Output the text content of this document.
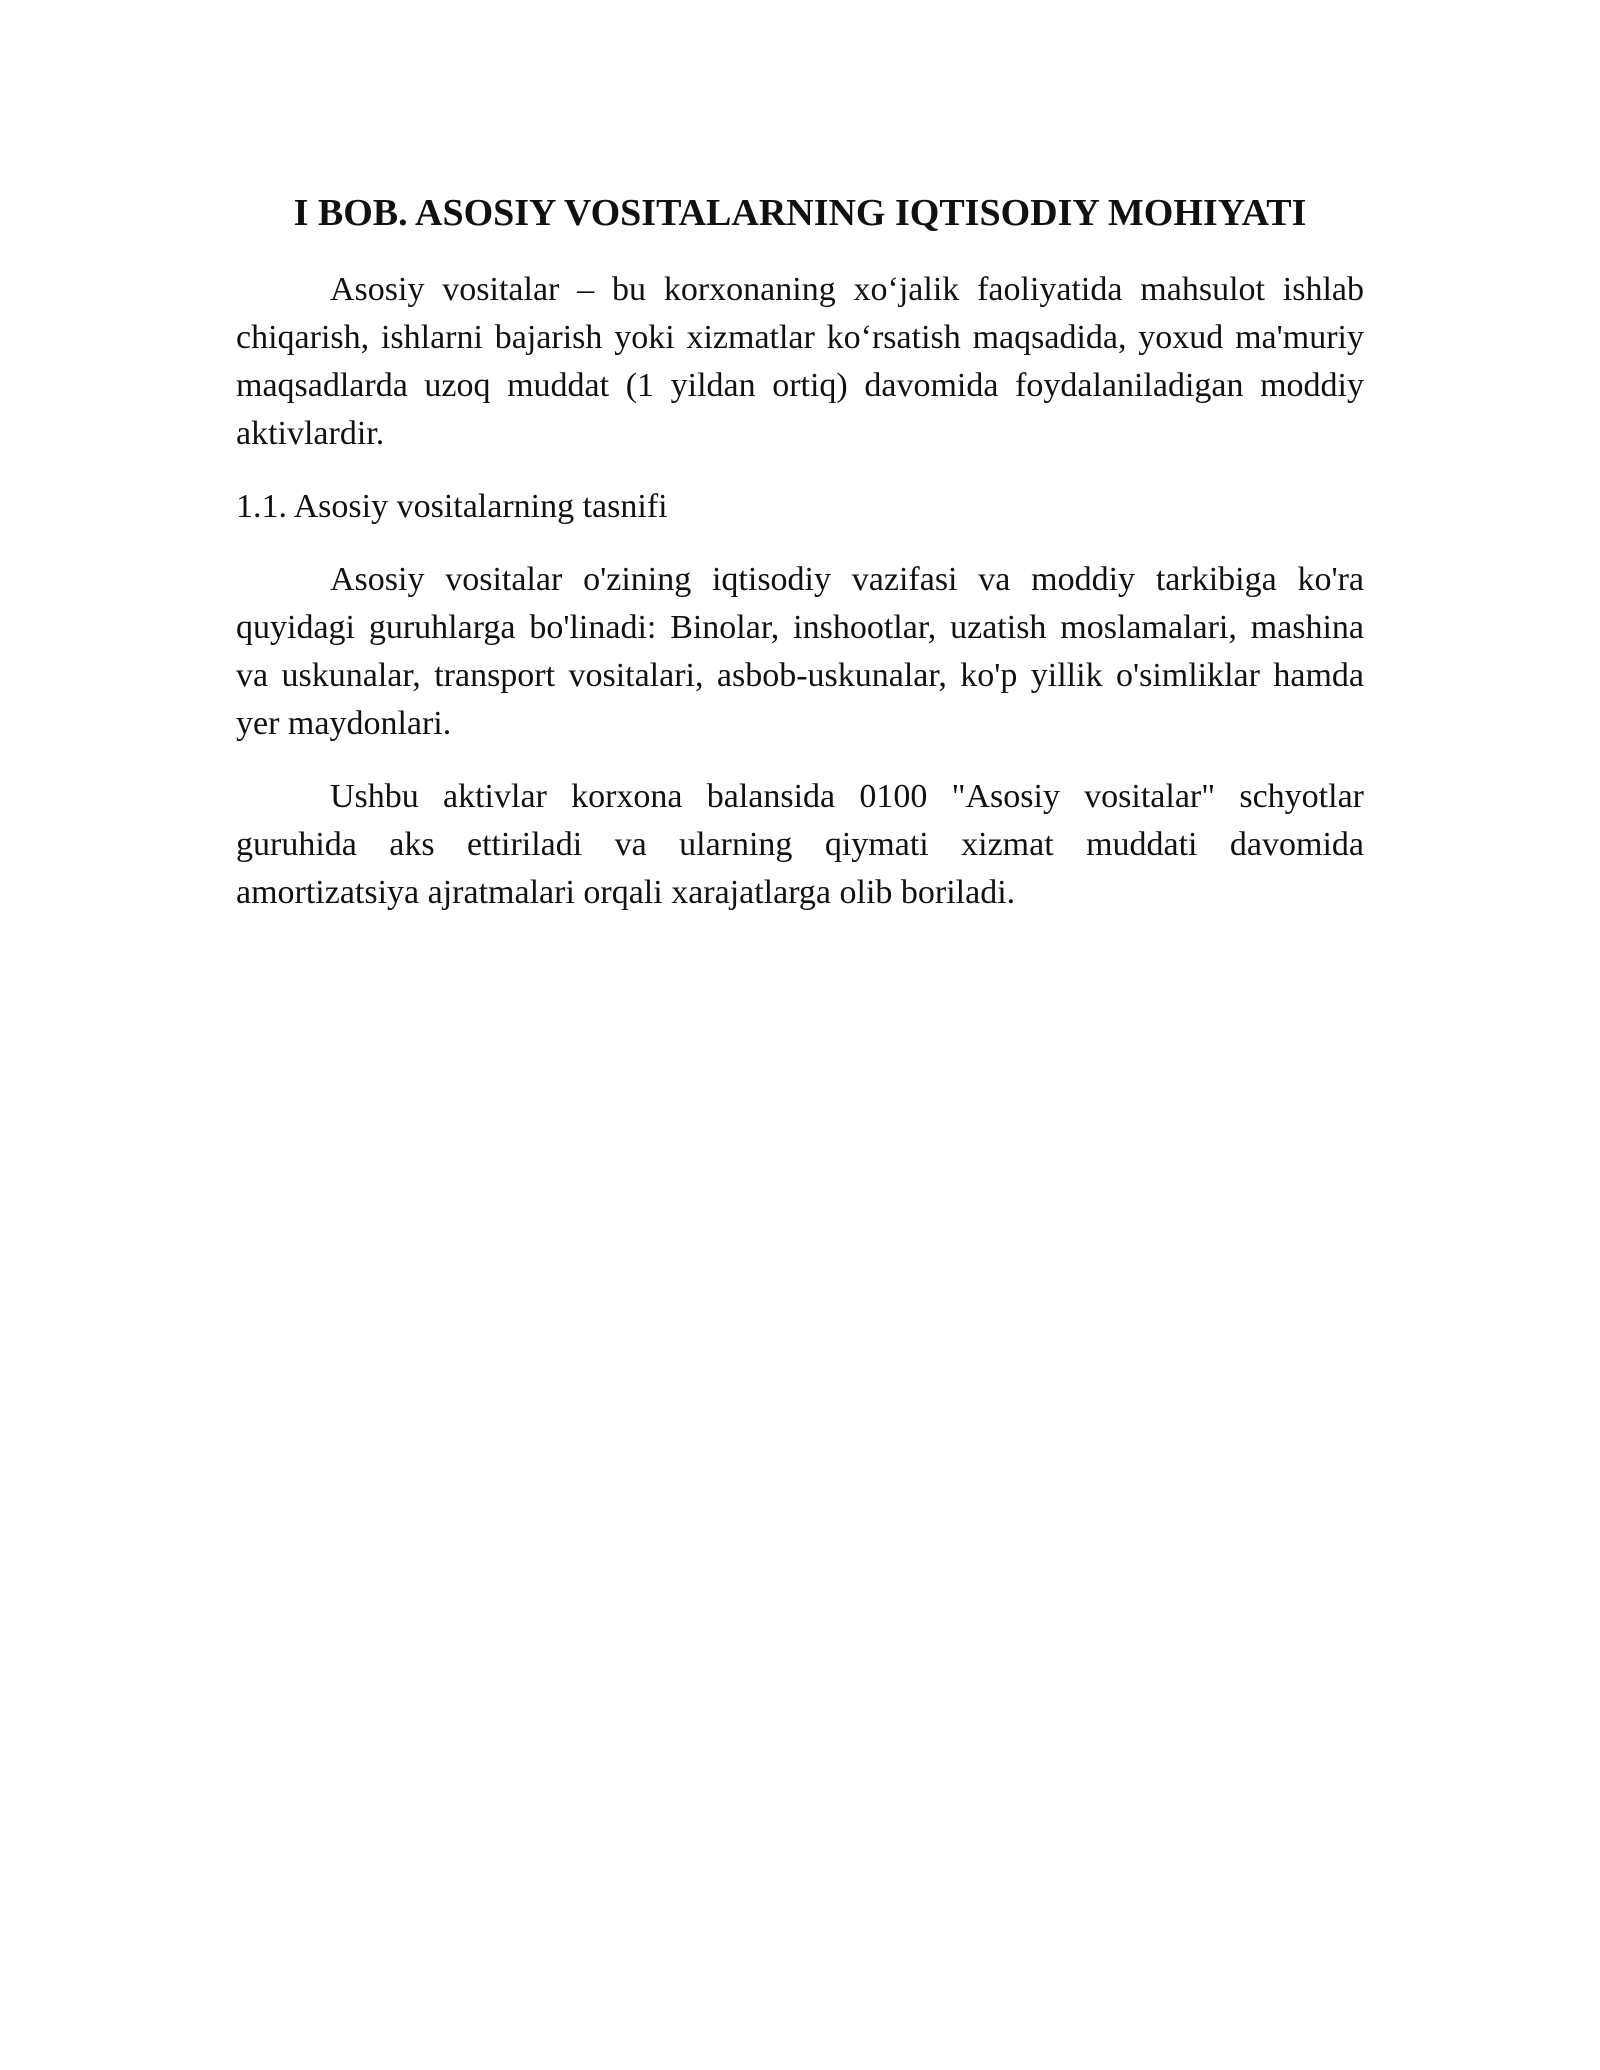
I BOB. ASOSIY VOSITALARNING IQTISODIY MOHIYATI

Asosiy vositalar – bu korxonaning xo‘jalik faoliyatida mahsulot ishlab chiqarish, ishlarni bajarish yoki xizmatlar ko‘rsatish maqsadida, yoxud ma'muriy maqsadlarda uzoq muddat (1 yildan ortiq) davomida foydalaniladigan moddiy aktivlardir.

1.1. Asosiy vositalarning tasnifi

Asosiy vositalar o'zining iqtisodiy vazifasi va moddiy tarkibiga ko'ra quyidagi guruhlarga bo'linadi: Binolar, inshootlar, uzatish moslamalari, mashina va uskunalar, transport vositalari, asbob-uskunalar, ko'p yillik o'simliklar hamda yer maydonlari.

Ushbu aktivlar korxona balansida 0100 "Asosiy vositalar" schyotlar guruhida aks ettiriladi va ularning qiymati xizmat muddati davomida amortizatsiya ajratmalari orqali xarajatlarga olib boriladi.
